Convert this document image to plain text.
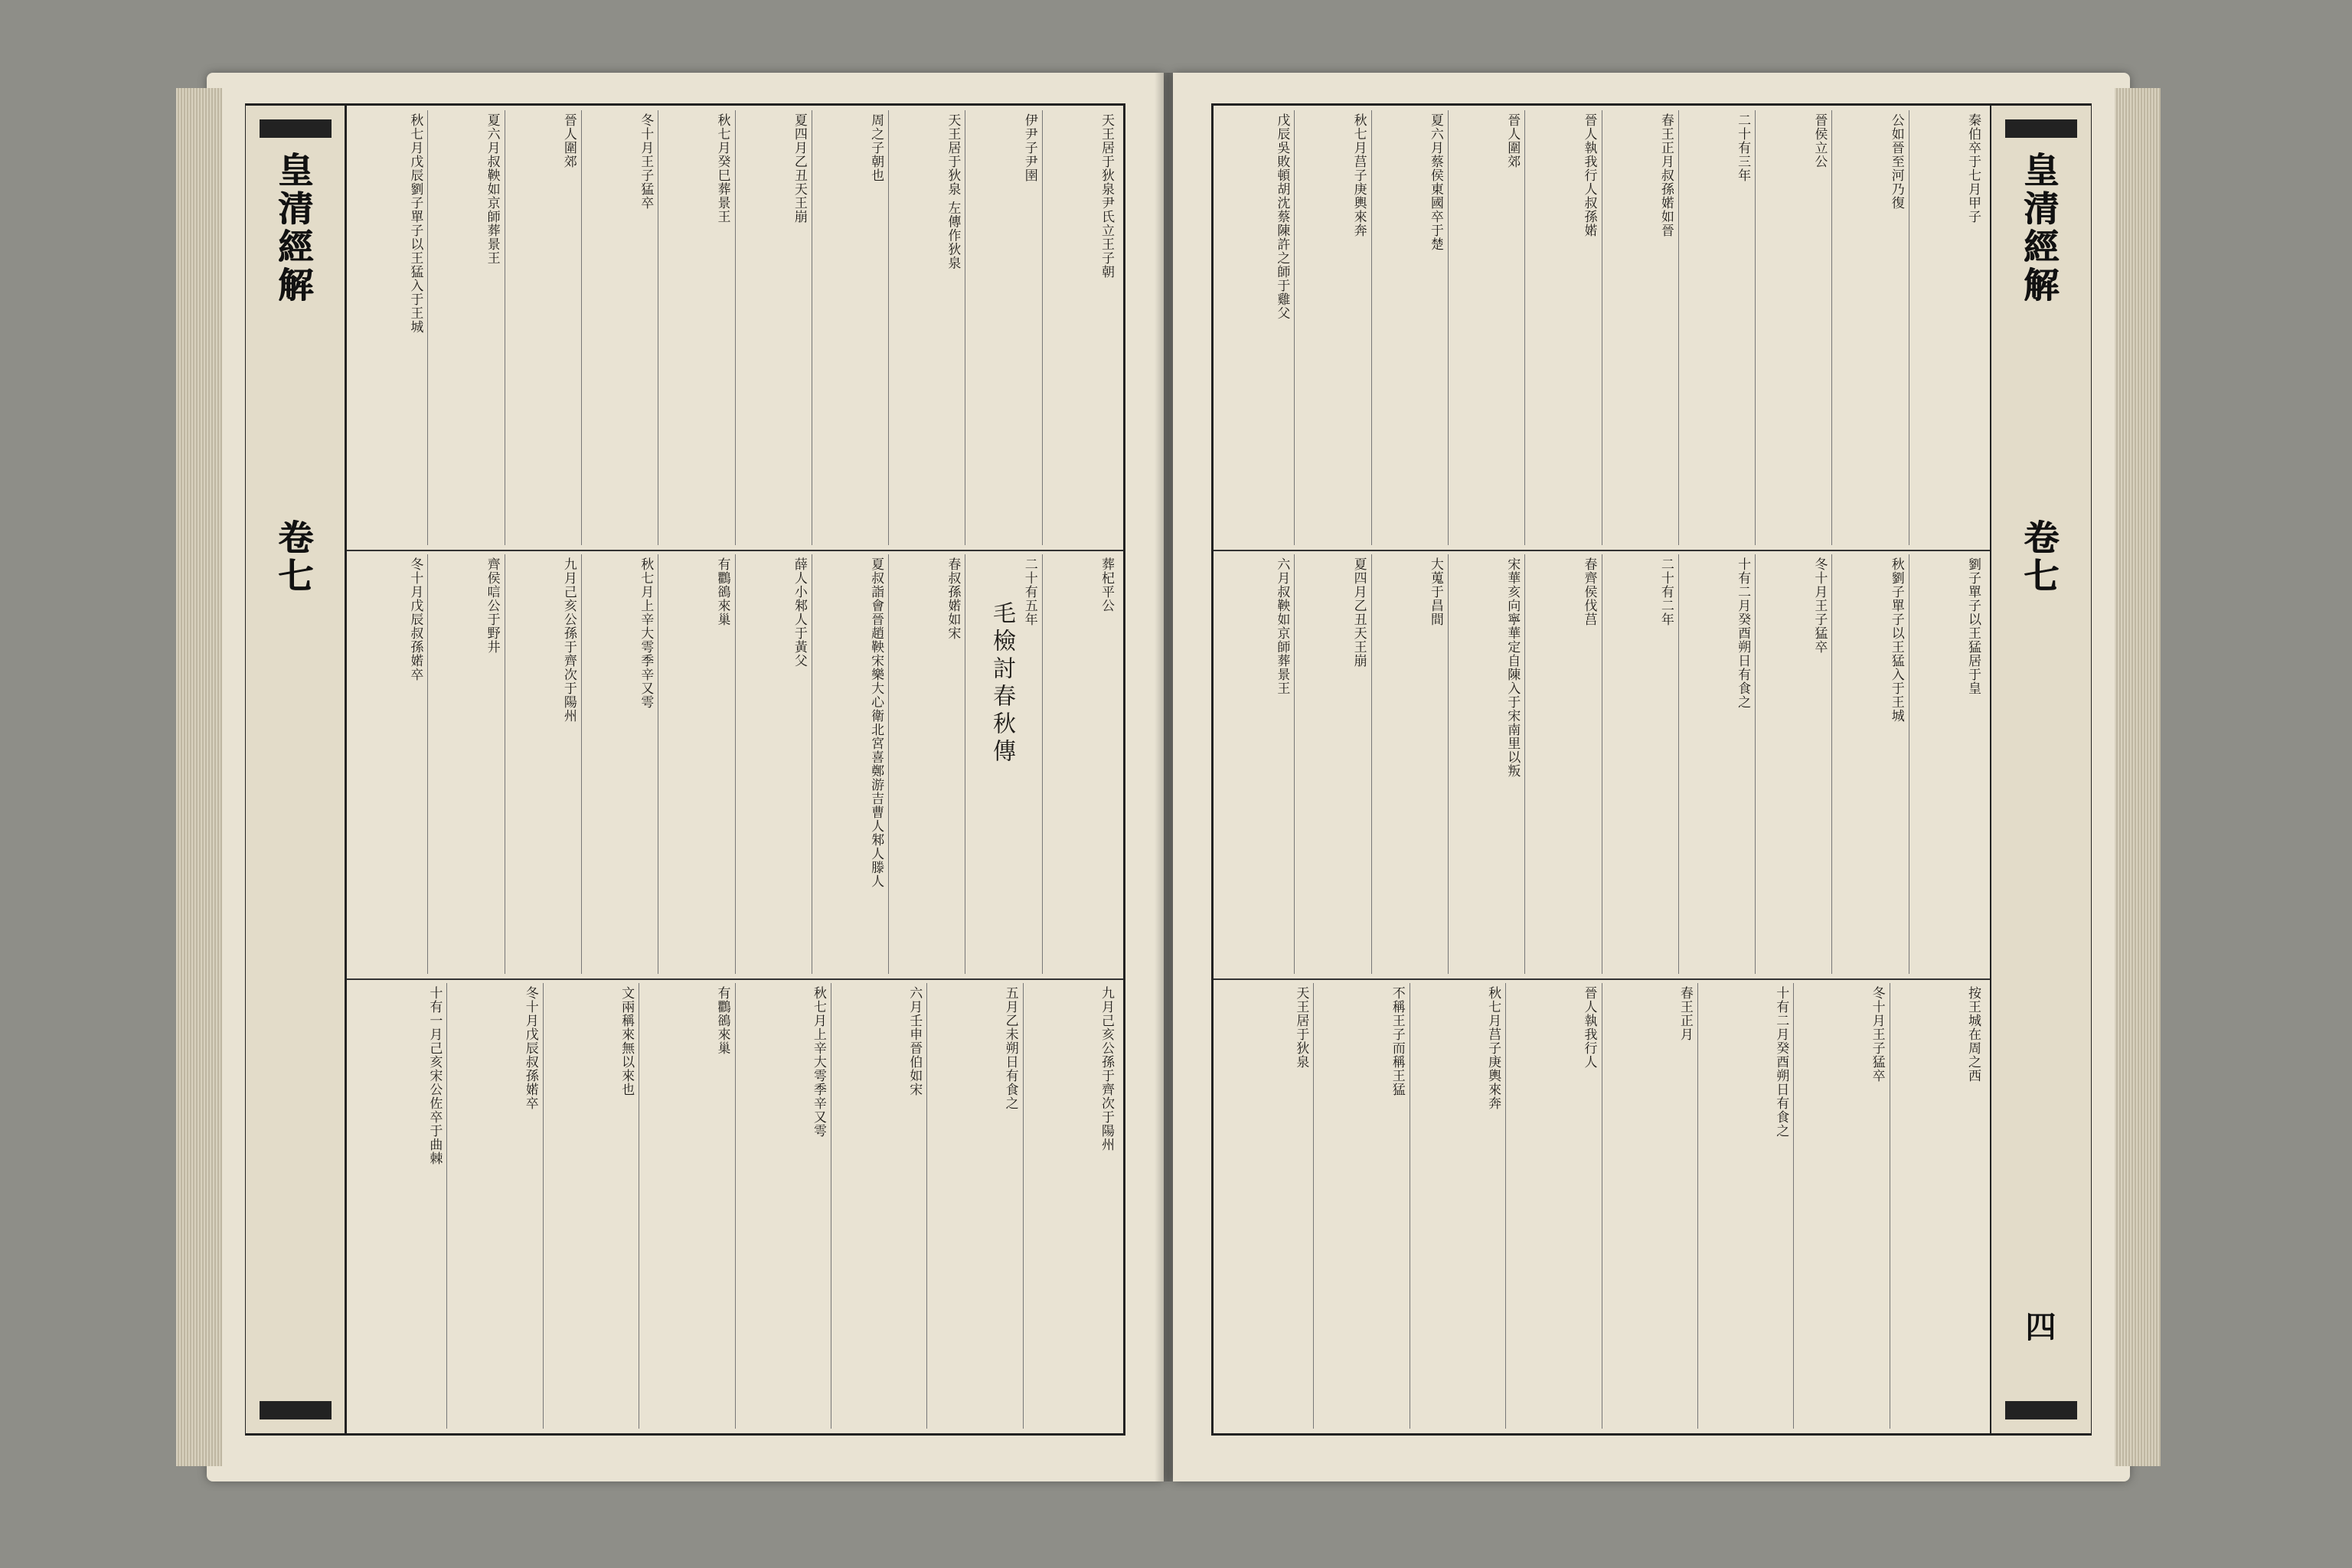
皇清經解
卷七
天王居于狄泉尹氏立王子朝
伊尹子尹圉
天王居于狄泉 左傳作狄泉
周之子朝也
夏四月乙丑天王崩
秋七月癸巳葬景王
冬十月王子猛卒
晉人圍郊
夏六月叔鞅如京師葬景王
秋七月戊辰劉子單子以王猛入于王城
葬杞平公
二十有五年
春叔孫婼如宋
夏叔詣會晉趙鞅宋樂大心衛北宮喜鄭游吉曹人邾人滕人
薛人小邾人于黃父
有鸜鵒來巢
秋七月上辛大雩季辛又雩
九月己亥公孫于齊次于陽州
齊侯唁公于野井
冬十月戊辰叔孫婼卒
九月己亥公孫于齊次于陽州
五月乙未朔日有食之
六月壬申晉伯如宋
秋七月上辛大雩季辛又雩
有鸜鵒來巢
文兩稱來無以來也
冬十月戊辰叔孫婼卒
十有一月己亥宋公佐卒于曲棘
毛檢討春秋傳
秦伯卒于七月甲子
公如晉至河乃復
晉侯立公
二十有三年
春王正月叔孫婼如晉
晉人執我行人叔孫婼
晉人圍郊
夏六月蔡侯東國卒于楚
秋七月莒子庚輿來奔
戊辰吳敗頓胡沈蔡陳許之師于雞父
劉子單子以王猛居于皇
秋劉子單子以王猛入于王城
冬十月王子猛卒
十有二月癸酉朔日有食之
二十有二年
春齊侯伐莒
宋華亥向寧華定自陳入于宋南里以叛
大蒐于昌間
夏四月乙丑天王崩
六月叔鞅如京師葬景王
按王城在周之西
冬十月王子猛卒
十有二月癸酉朔日有食之
春王正月
晉人執我行人
秋七月莒子庚輿來奔
不稱王子而稱王猛
天王居于狄泉
皇清經解
卷七
四
